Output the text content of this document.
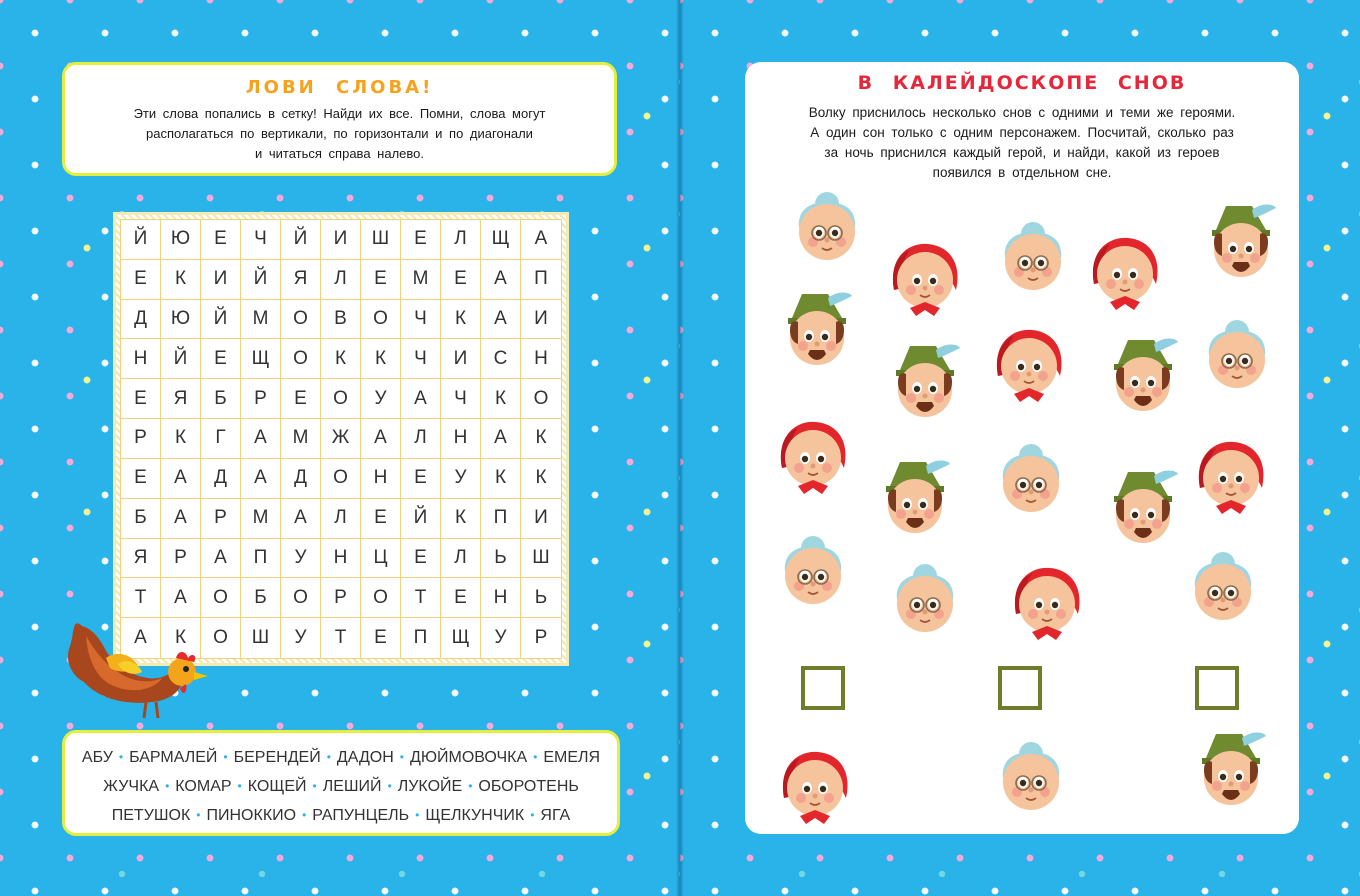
ЛОВИ СЛОВА!
Эти слова попались в сетку! Найди их все. Помни, слова могут
располагаться по вертикали, по горизонтали и по диагонали
и читаться справа налево.
Й	Ю	Е	Ч	Й	И	Ш	Е	Л	Щ	А
Е	К	И	Й	Я	Л	Е	М	Е	А	П
Д	Ю	Й	М	О	В	О	Ч	К	А	И
Н	Й	Е	Щ	О	К	К	Ч	И	С	Н
Е	Я	Б	Р	Е	О	У	А	Ч	К	О
Р	К	Г	А	М	Ж	А	Л	Н	А	К
Е	А	Д	А	Д	О	Н	Е	У	К	К
Б	А	Р	М	А	Л	Е	Й	К	П	И
Я	Р	А	П	У	Н	Ц	Е	Л	Ь	Ш
Т	А	О	Б	О	Р	О	Т	Е	Н	Ь
А	К	О	Ш	У	Т	Е	П	Щ	У	Р
АБУ • БАРМАЛЕЙ • БЕРЕНДЕЙ • ДАДОН • ДЮЙМОВОЧКА • ЕМЕЛЯ
ЖУЧКА • КОМАР • КОЩЕЙ • ЛЕШИЙ • ЛУКОЙЕ • ОБОРОТЕНЬ
ПЕТУШОК • ПИНОККИО • РАПУНЦЕЛЬ • ЩЕЛКУНЧИК • ЯГА
В КАЛЕЙДОСКОПЕ СНОВ
Волку приснилось несколько снов с одними и теми же героями.
А один сон только с одним персонажем. Посчитай, сколько раз
за ночь приснился каждый герой, и найди, какой из героев
появился в отдельном сне.
